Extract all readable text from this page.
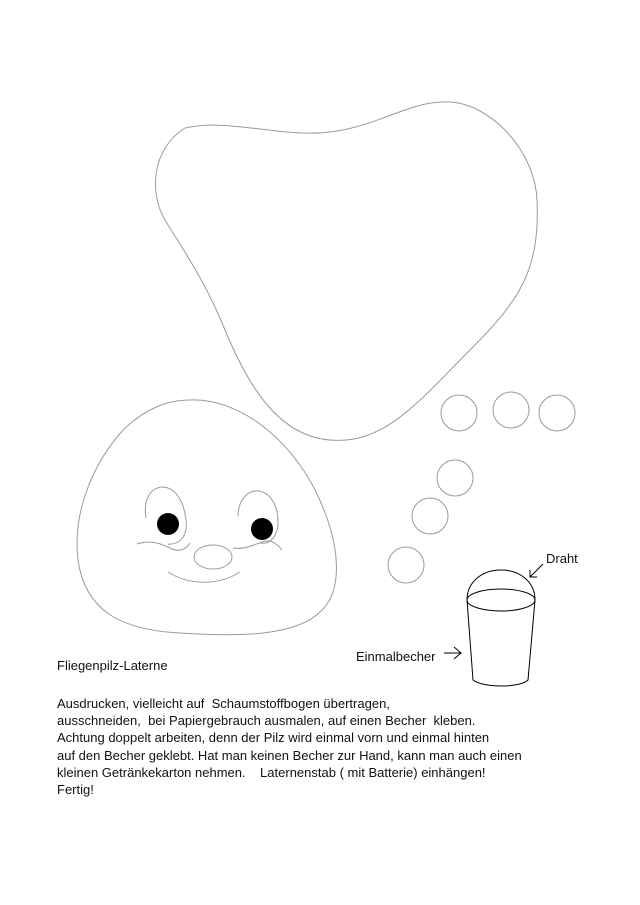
Draht
Einmalbecher
Fliegenpilz-Laterne
Ausdrucken, vielleicht auf  Schaumstoffbogen übertragen,
ausschneiden,  bei Papiergebrauch ausmalen, auf einen Becher  kleben.
Achtung doppelt arbeiten, denn der Pilz wird einmal vorn und einmal hinten
auf den Becher geklebt. Hat man keinen Becher zur Hand, kann man auch einen
kleinen Getränkekarton nehmen.    Laternenstab ( mit Batterie) einhängen!
Fertig!
